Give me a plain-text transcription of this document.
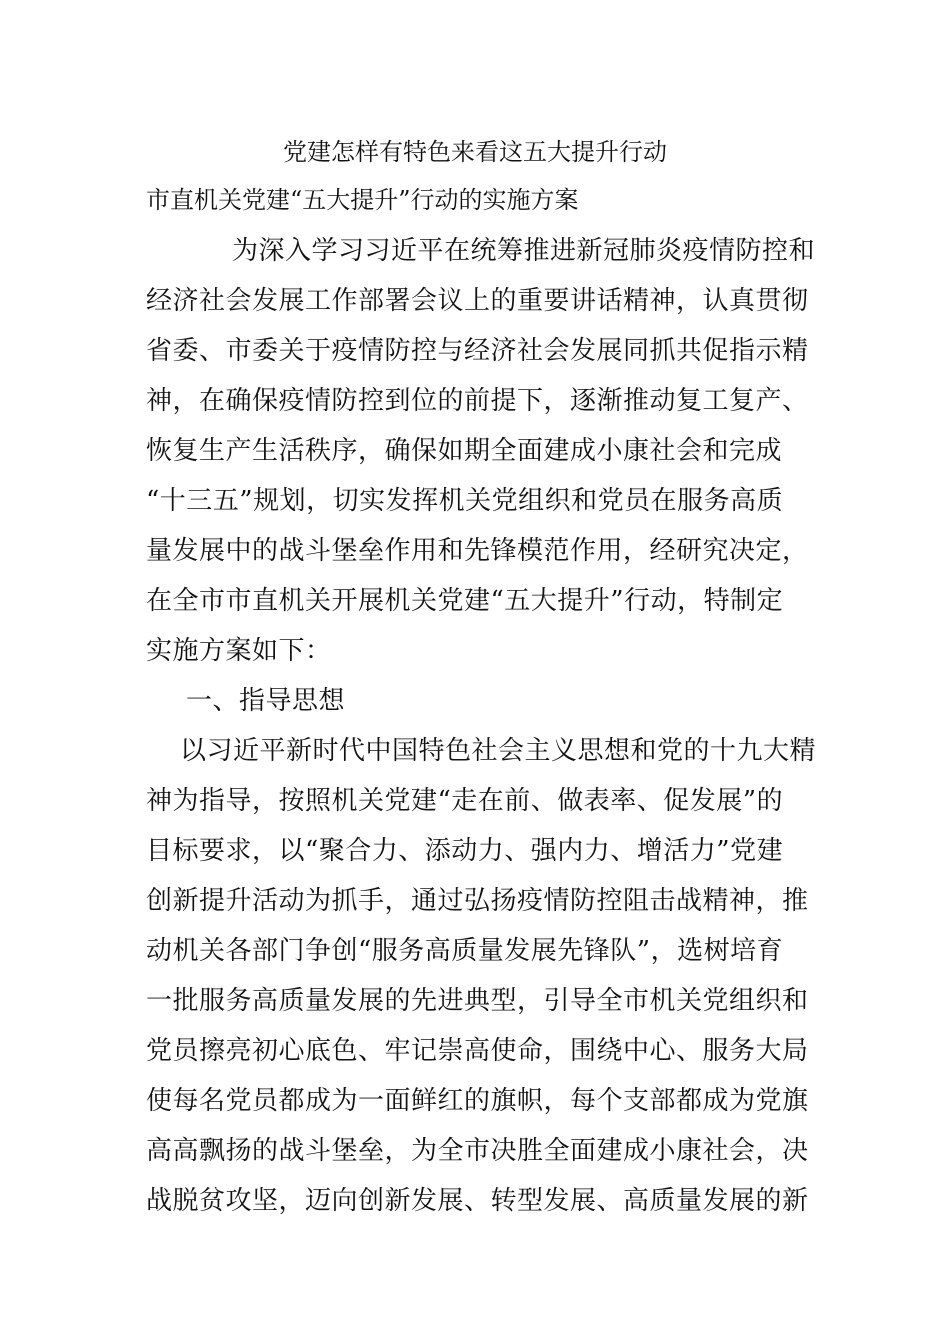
党建怎样有特色来看这五大提升行动
市直机关党建“五大提升”行动的实施方案
为深入学习习近平在统筹推进新冠肺炎疫情防控和
经济社会发展工作部署会议上的重要讲话精神，认真贯彻
省委、市委关于疫情防控与经济社会发展同抓共促指示精
神，在确保疫情防控到位的前提下，逐渐推动复工复产、
恢复生产生活秩序，确保如期全面建成小康社会和完成
“十三五”规划，切实发挥机关党组织和党员在服务高质
量发展中的战斗堡垒作用和先锋模范作用，经研究决定，
在全市市直机关开展机关党建“五大提升”行动，特制定
实施方案如下：
一、指导思想
以习近平新时代中国特色社会主义思想和党的十九大精
神为指导，按照机关党建“走在前、做表率、促发展”的
目标要求，以“聚合力、添动力、强内力、增活力”党建
创新提升活动为抓手，通过弘扬疫情防控阻击战精神，推
动机关各部门争创“服务高质量发展先锋队”，选树培育
一批服务高质量发展的先进典型，引导全市机关党组织和
党员擦亮初心底色、牢记崇高使命，围绕中心、服务大局
使每名党员都成为一面鲜红的旗帜，每个支部都成为党旗
高高飘扬的战斗堡垒，为全市决胜全面建成小康社会，决
战脱贫攻坚，迈向创新发展、转型发展、高质量发展的新
